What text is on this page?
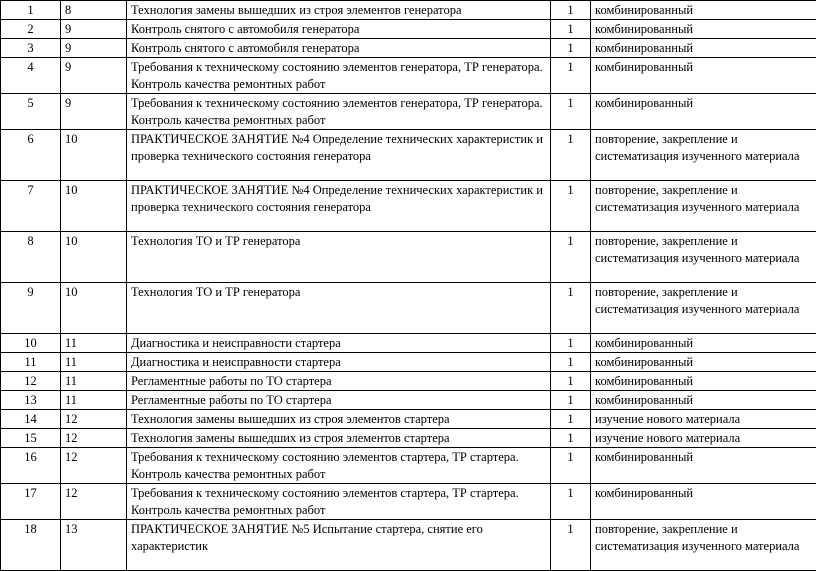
1	8	Технология замены вышедших из строя элементов генератора	1	комбинированный
2	9	Контроль снятого с автомобиля генератора	1	комбинированный
3	9	Контроль снятого с автомобиля генератора	1	комбинированный
4	9	Требования к техническому состоянию элементов генератора, ТР генератора. Контроль качества ремонтных работ	1	комбинированный
5	9	Требования к техническому состоянию элементов генератора, ТР генератора. Контроль качества ремонтных работ	1	комбинированный
6	10	ПРАКТИЧЕСКОЕ ЗАНЯТИЕ №4 Определение технических характеристик и проверка технического состояния генератора	1	повторение, закрепление и систематизация изученного материала
7	10	ПРАКТИЧЕСКОЕ ЗАНЯТИЕ №4 Определение технических характеристик и проверка технического состояния генератора	1	повторение, закрепление и систематизация изученного материала
8	10	Технология ТО и ТР генератора	1	повторение, закрепление и систематизация изученного материала
9	10	Технология ТО и ТР генератора	1	повторение, закрепление и систематизация изученного материала
10	11	Диагностика и неисправности стартера	1	комбинированный
11	11	Диагностика и неисправности стартера	1	комбинированный
12	11	Регламентные работы по ТО стартера	1	комбинированный
13	11	Регламентные работы по ТО стартера	1	комбинированный
14	12	Технология замены вышедших из строя элементов стартера	1	изучение нового материала
15	12	Технология замены вышедших из строя элементов стартера	1	изучение нового материала
16	12	Требования к техническому состоянию элементов стартера, ТР стартера. Контроль качества ремонтных работ	1	комбинированный
17	12	Требования к техническому состоянию элементов стартера, ТР стартера. Контроль качества ремонтных работ	1	комбинированный
18	13	ПРАКТИЧЕСКОЕ ЗАНЯТИЕ №5 Испытание стартера, снятие его характеристик	1	повторение, закрепление и систематизация изученного материала
